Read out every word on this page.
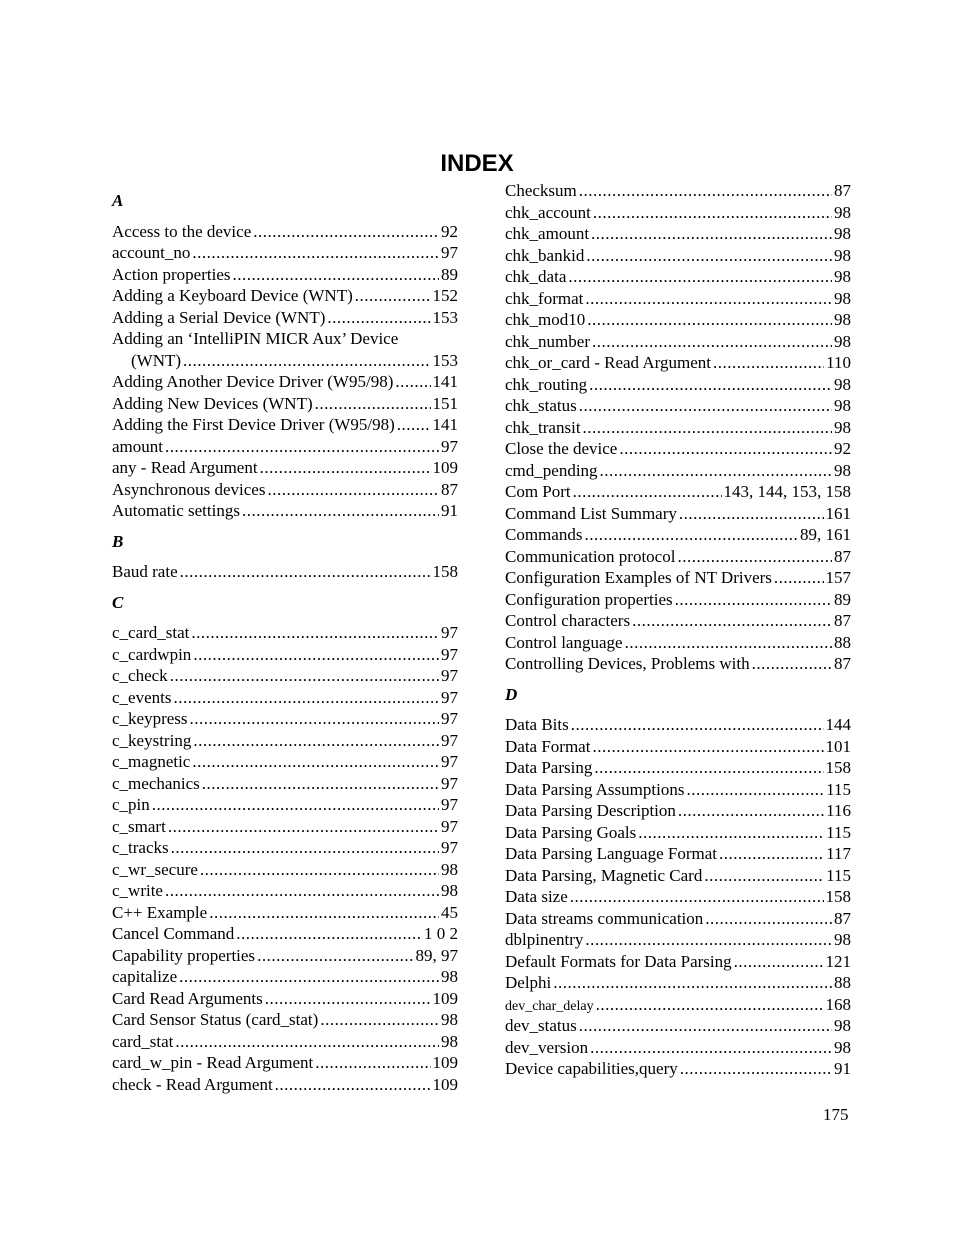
INDEX
A
Access to the device .....	92
account_no .....	97
Action properties .....	89
Adding a Keyboard Device (WNT) .....	152
Adding a Serial Device (WNT) .....	153
Adding an ‘IntelliPIN MICR Aux’ Device
(WNT) .....	153
Adding Another Device Driver (W95/98) ..... 141
Adding New Devices (WNT) .....	151
Adding the First Device Driver (W95/98) ..... 141
amount .....	97
any - Read Argument .....	109
Asynchronous devices .....	87
Automatic settings .....	91
B
Baud rate .....	158
C
c_card_stat .....	97
c_cardwpin .....	97
c_check .....	97
c_events .....	97
c_keypress .....	97
c_keystring .....	97
c_magnetic .....	97
c_mechanics .....	97
c_pin .....	97
c_smart .....	97
c_tracks .....	97
c_wr_secure .....	98
c_write .....	98
C++ Example .....	45
Cancel Command .....	1 0 2
Capability properties .....	89, 97
capitalize .....	98
Card Read Arguments .....	109
Card Sensor Status (card_stat) .....	98
card_stat .....	98
card_w_pin - Read Argument .....	109
check - Read Argument .....	109
Checksum .....	87
chk_account .....	98
chk_amount .....	98
chk_bankid .....	98
chk_data .....	98
chk_format .....	98
chk_mod10 .....	98
chk_number .....	98
chk_or_card - Read Argument .....	110
chk_routing .....	98
chk_status .....	98
chk_transit .....	98
Close the device .....	92
cmd_pending .....	98
Com Port .....	143, 144, 153, 158
Command List Summary .....	161
Commands .....	89, 161
Communication protocol .....	87
Configuration Examples of NT Drivers .....	157
Configuration properties .....	89
Control characters .....	87
Control language .....	88
Controlling Devices, Problems with .....	87
D
Data Bits .....	144
Data Format .....	101
Data Parsing .....	158
Data Parsing Assumptions .....	115
Data Parsing Description .....	116
Data Parsing Goals .....	115
Data Parsing Language Format .....	117
Data Parsing, Magnetic Card .....	115
Data size .....	158
Data streams communication .....	87
dblpinentry .....	98
Default Formats for Data Parsing .....	121
Delphi .....	88
dev_char_delay .....	168
dev_status .....	98
dev_version .....	98
Device capabilities,query .....	91
175
